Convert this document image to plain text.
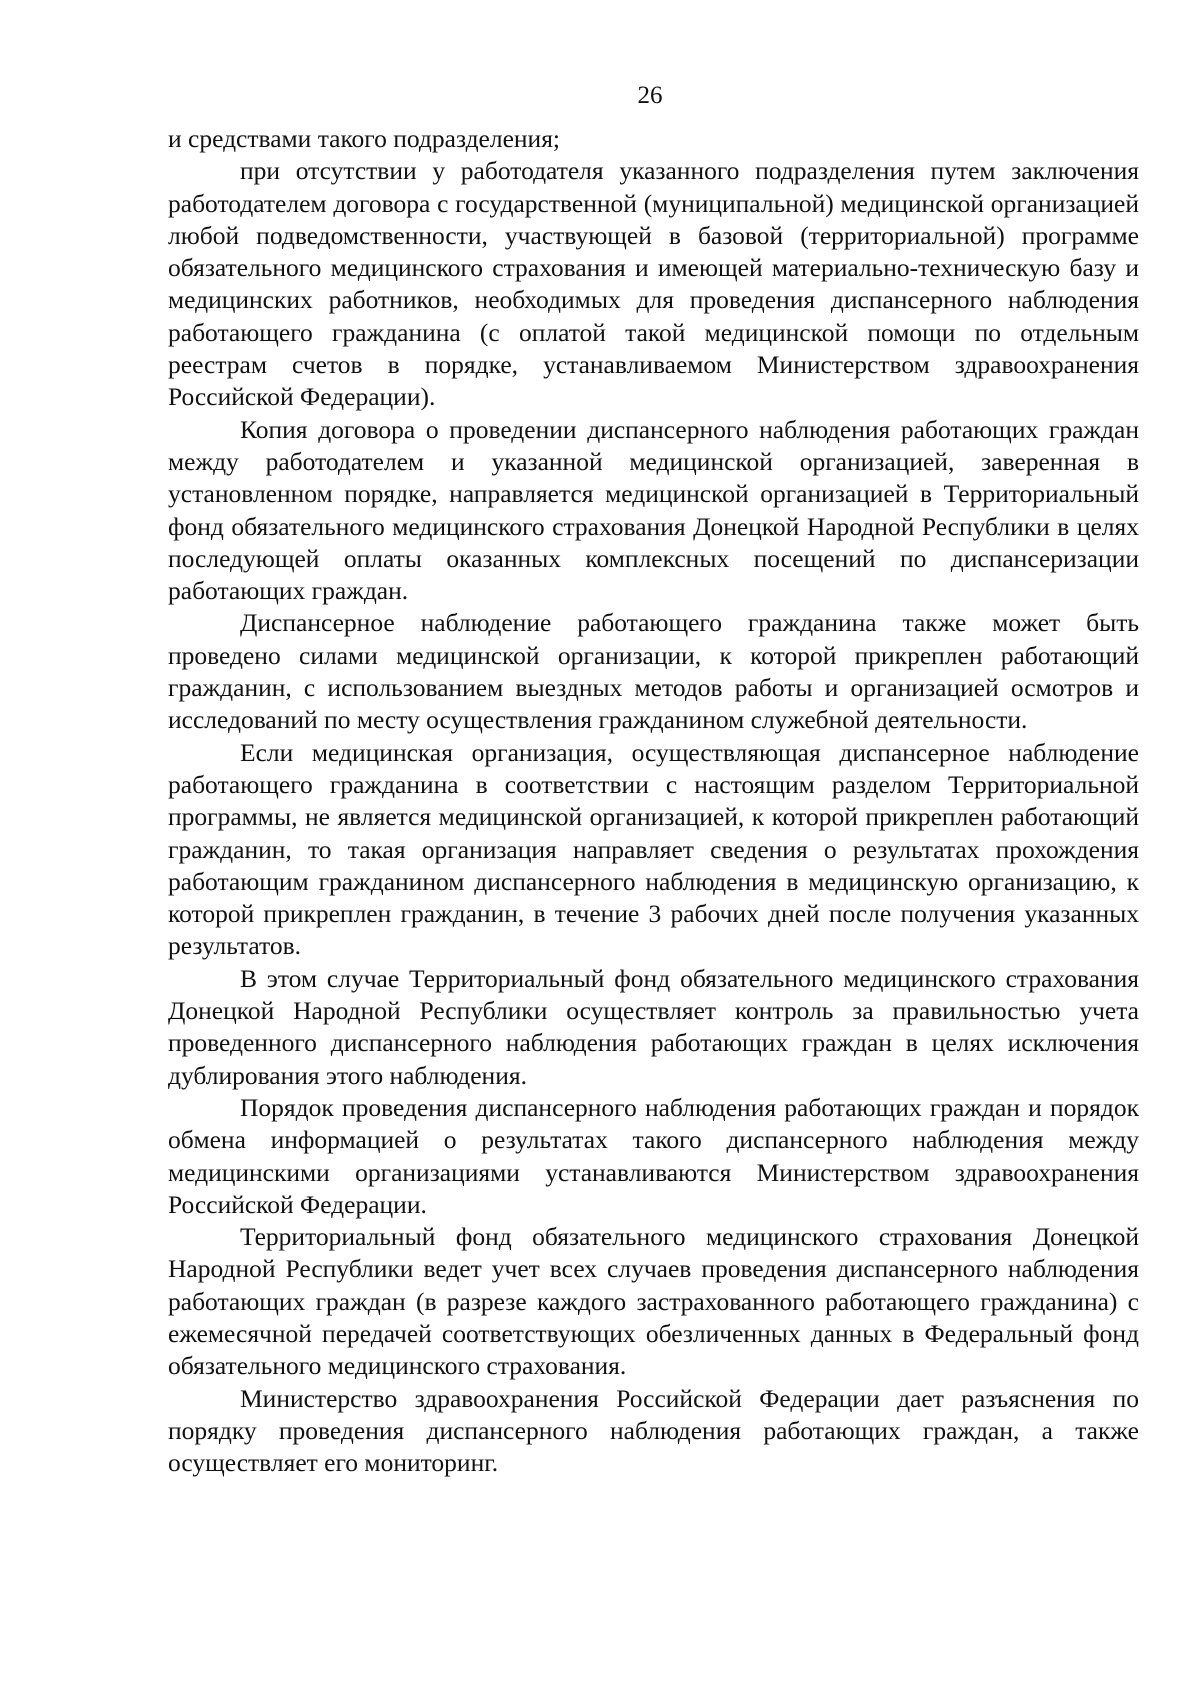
26

и средствами такого подразделения;

при отсутствии у работодателя указанного подразделения путем заключения работодателем договора с государственной (муниципальной) медицинской организацией любой подведомственности, участвующей в базовой (территориальной) программе обязательного медицинского страхования и имеющей материально-техническую базу и медицинских работников, необходимых для проведения диспансерного наблюдения работающего гражданина (с оплатой такой медицинской помощи по отдельным реестрам счетов в порядке, устанавливаемом Министерством здравоохранения Российской Федерации).

Копия договора о проведении диспансерного наблюдения работающих граждан между работодателем и указанной медицинской организацией, заверенная в установленном порядке, направляется медицинской организацией в Территориальный фонд обязательного медицинского страхования Донецкой Народной Республики в целях последующей оплаты оказанных комплексных посещений по диспансеризации работающих граждан.

Диспансерное наблюдение работающего гражданина также может быть проведено силами медицинской организации, к которой прикреплен работающий гражданин, с использованием выездных методов работы и организацией осмотров и исследований по месту осуществления гражданином служебной деятельности.

Если медицинская организация, осуществляющая диспансерное наблюдение работающего гражданина в соответствии с настоящим разделом Территориальной программы, не является медицинской организацией, к которой прикреплен работающий гражданин, то такая организация направляет сведения о результатах прохождения работающим гражданином диспансерного наблюдения в медицинскую организацию, к которой прикреплен гражданин, в течение 3 рабочих дней после получения указанных результатов.

В этом случае Территориальный фонд обязательного медицинского страхования Донецкой Народной Республики осуществляет контроль за правильностью учета проведенного диспансерного наблюдения работающих граждан в целях исключения дублирования этого наблюдения.

Порядок проведения диспансерного наблюдения работающих граждан и порядок обмена информацией о результатах такого диспансерного наблюдения между медицинскими организациями устанавливаются Министерством здравоохранения Российской Федерации.

Территориальный фонд обязательного медицинского страхования Донецкой Народной Республики ведет учет всех случаев проведения диспансерного наблюдения работающих граждан (в разрезе каждого застрахованного работающего гражданина) с ежемесячной передачей соответствующих обезличенных данных в Федеральный фонд обязательного медицинского страхования.

Министерство здравоохранения Российской Федерации дает разъяснения по порядку проведения диспансерного наблюдения работающих граждан, а также осуществляет его мониторинг.
